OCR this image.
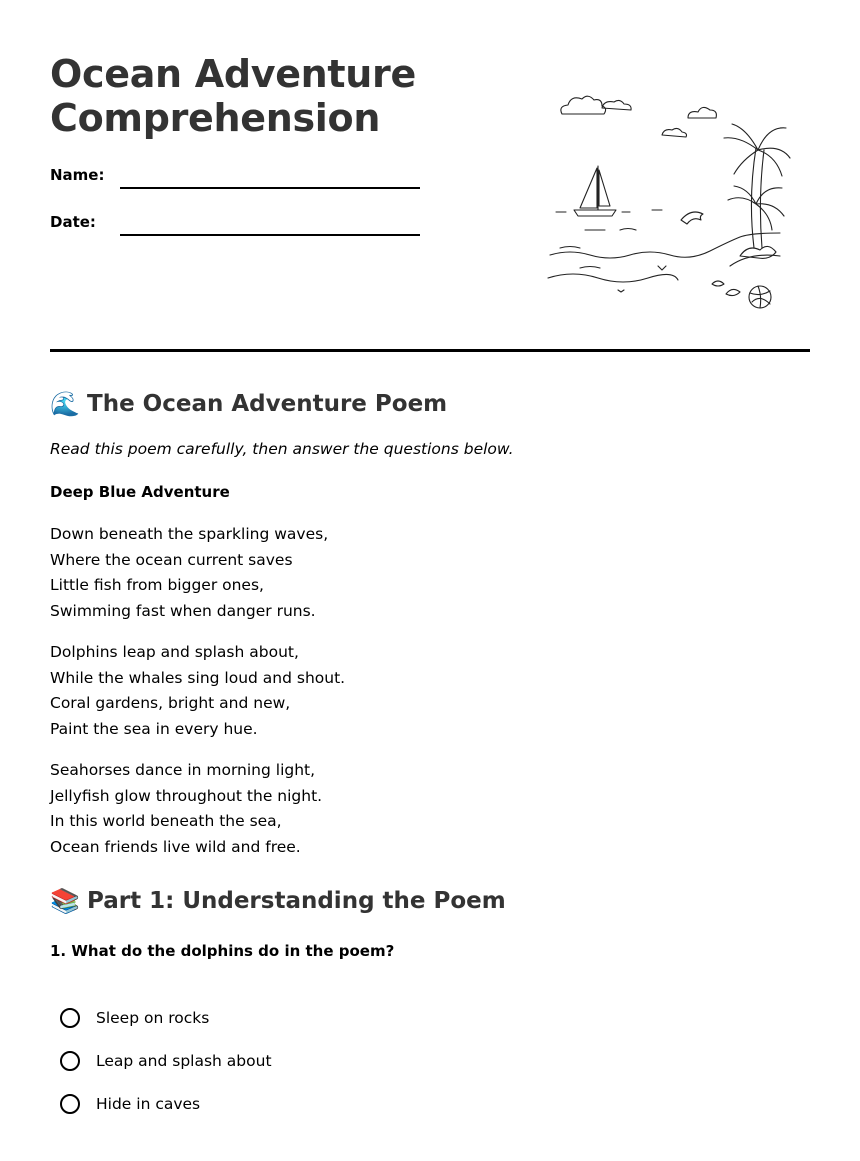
Ocean Adventure
Comprehension
Name:
Date:
🌊 The Ocean Adventure Poem

Read this poem carefully, then answer the questions below.

Deep Blue Adventure

Down beneath the sparkling waves,
Where the ocean current saves
Little fish from bigger ones,
Swimming fast when danger runs.
Dolphins leap and splash about,
While the whales sing loud and shout.
Coral gardens, bright and new,
Paint the sea in every hue.
Seahorses dance in morning light,
Jellyfish glow throughout the night.
In this world beneath the sea,
Ocean friends live wild and free.
📚 Part 1: Understanding the Poem

1. What do the dolphins do in the poem?

Sleep on rocks
Leap and splash about
Hide in caves
